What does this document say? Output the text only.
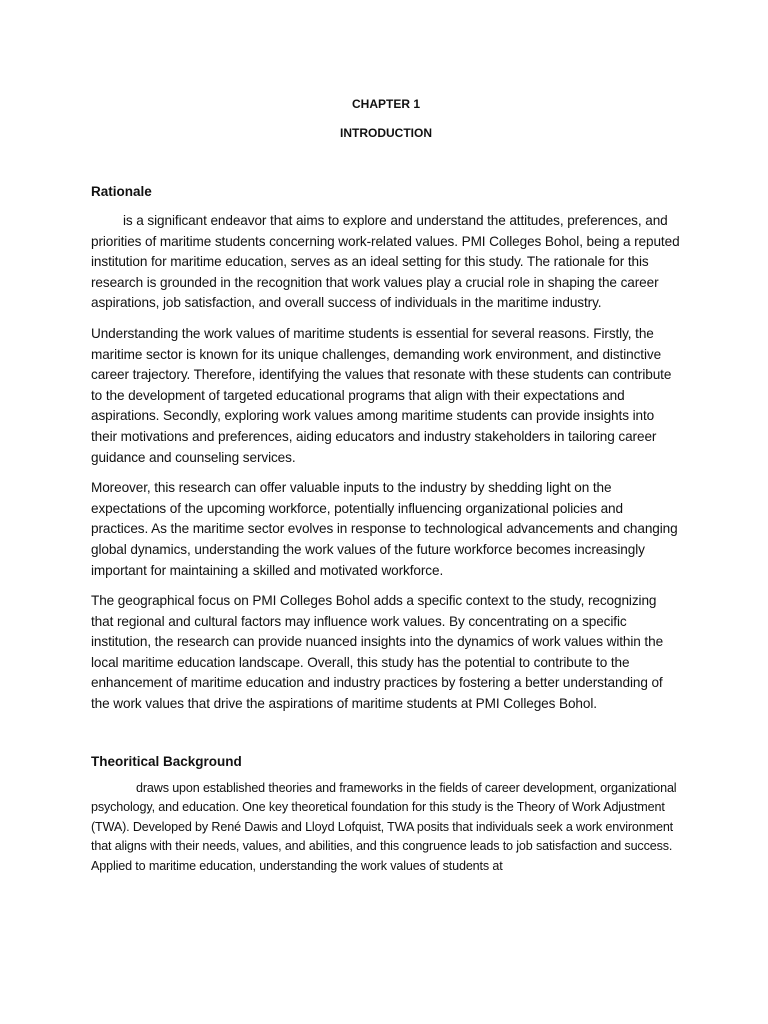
CHAPTER 1

INTRODUCTION

Rationale

is a significant endeavor that aims to explore and understand the attitudes, preferences, and priorities of maritime students concerning work-related values. PMI Colleges Bohol, being a reputed institution for maritime education, serves as an ideal setting for this study. The rationale for this research is grounded in the recognition that work values play a crucial role in shaping the career aspirations, job satisfaction, and overall success of individuals in the maritime industry.

Understanding the work values of maritime students is essential for several reasons. Firstly, the maritime sector is known for its unique challenges, demanding work environment, and distinctive career trajectory. Therefore, identifying the values that resonate with these students can contribute to the development of targeted educational programs that align with their expectations and aspirations. Secondly, exploring work values among maritime students can provide insights into their motivations and preferences, aiding educators and industry stakeholders in tailoring career guidance and counseling services.

Moreover, this research can offer valuable inputs to the industry by shedding light on the expectations of the upcoming workforce, potentially influencing organizational policies and practices. As the maritime sector evolves in response to technological advancements and changing global dynamics, understanding the work values of the future workforce becomes increasingly important for maintaining a skilled and motivated workforce.

The geographical focus on PMI Colleges Bohol adds a specific context to the study, recognizing that regional and cultural factors may influence work values. By concentrating on a specific institution, the research can provide nuanced insights into the dynamics of work values within the local maritime education landscape. Overall, this study has the potential to contribute to the enhancement of maritime education and industry practices by fostering a better understanding of the work values that drive the aspirations of maritime students at PMI Colleges Bohol.

Theoritical Background

draws upon established theories and frameworks in the fields of career development, organizational psychology, and education. One key theoretical foundation for this study is the Theory of Work Adjustment (TWA). Developed by René Dawis and Lloyd Lofquist, TWA posits that individuals seek a work environment that aligns with their needs, values, and abilities, and this congruence leads to job satisfaction and success. Applied to maritime education, understanding the work values of students at
